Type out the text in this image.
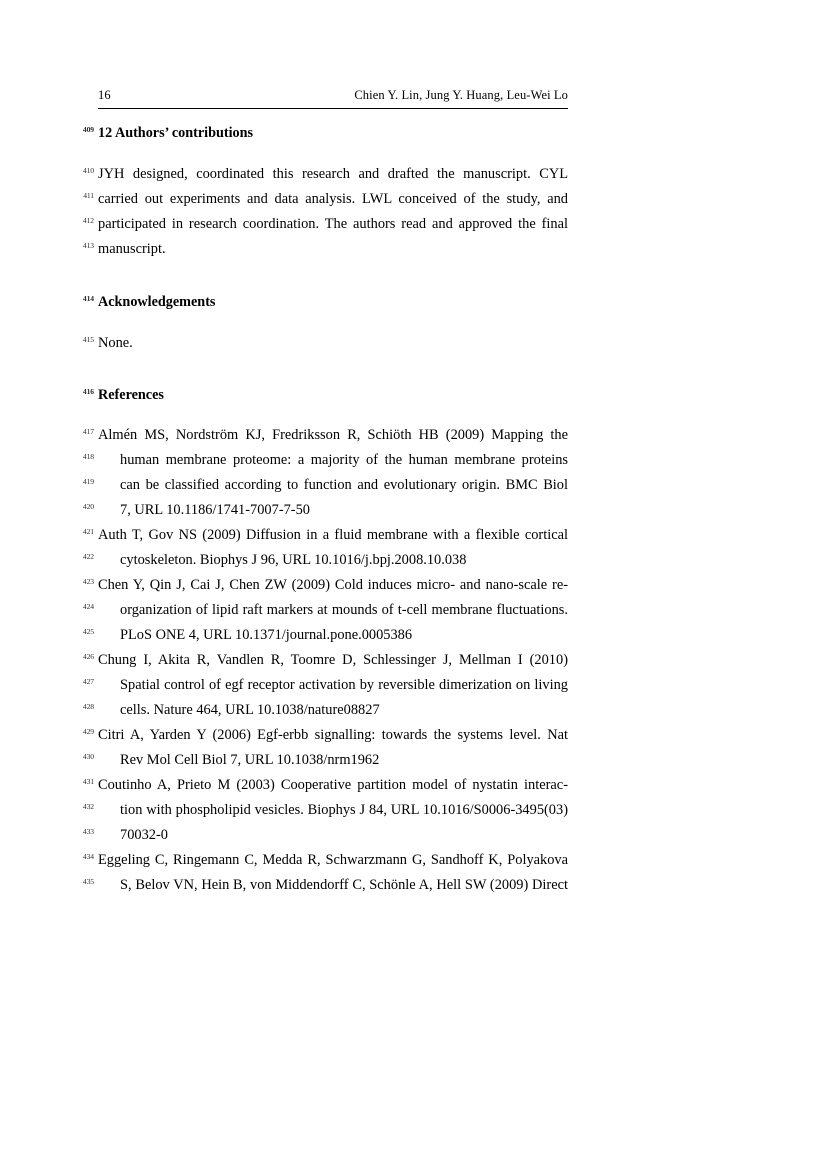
16	Chien Y. Lin, Jung Y. Huang, Leu-Wei Lo
409 12 Authors’ contributions
410 JYH designed, coordinated this research and drafted the manuscript. CYL
411 carried out experiments and data analysis. LWL conceived of the study, and
412 participated in research coordination. The authors read and approved the final
413 manuscript.
414 Acknowledgements
415 None.
416 References
417 Almén MS, Nordström KJ, Fredriksson R, Schiöth HB (2009) Mapping the
418 human membrane proteome: a majority of the human membrane proteins
419 can be classified according to function and evolutionary origin. BMC Biol
420 7, URL 10.1186/1741-7007-7-50
421 Auth T, Gov NS (2009) Diffusion in a fluid membrane with a flexible cortical
422 cytoskeleton. Biophys J 96, URL 10.1016/j.bpj.2008.10.038
423 Chen Y, Qin J, Cai J, Chen ZW (2009) Cold induces micro- and nano-scale re-
424 organization of lipid raft markers at mounds of t-cell membrane fluctuations.
425 PLoS ONE 4, URL 10.1371/journal.pone.0005386
426 Chung I, Akita R, Vandlen R, Toomre D, Schlessinger J, Mellman I (2010)
427 Spatial control of egf receptor activation by reversible dimerization on living
428 cells. Nature 464, URL 10.1038/nature08827
429 Citri A, Yarden Y (2006) Egf-erbb signalling: towards the systems level. Nat
430 Rev Mol Cell Biol 7, URL 10.1038/nrm1962
431 Coutinho A, Prieto M (2003) Cooperative partition model of nystatin interac-
432 tion with phospholipid vesicles. Biophys J 84, URL 10.1016/S0006-3495(03)
433 70032-0
434 Eggeling C, Ringemann C, Medda R, Schwarzmann G, Sandhoff K, Polyakova
435 S, Belov VN, Hein B, von Middendorff C, Schönle A, Hell SW (2009) Direct
